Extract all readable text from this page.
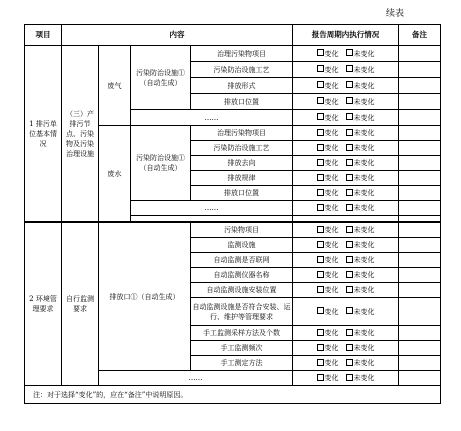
续表
项目	内容					报告周期内执行情况	备注
1 排污单位基本情况	（三）产排污节点、污染物及污染治理设施	废气	污染防治设施①（自动生成）		治理污染物项目	变化 未变化	
					污染防治设施工艺	变化 未变化	
					排放形式	变化 未变化	
					排放口位置	变化 未变化	
			……			变化 未变化	
		废水	污染防治设施①（自动生成）		治理污染物项目	变化 未变化	
					污染防治设施工艺	变化 未变化	
					排放去向	变化 未变化	
					排放规律	变化 未变化	
					排放口位置	变化 未变化	
			……			变化 未变化	

2 环境管理要求	自行监测要求	排放口①（自动生成）			污染物项目	变化 未变化	
					监测设施	变化 未变化	
					自动监测是否联网	变化 未变化	
					自动监测仪器名称	变化 未变化	
					自动监测设施安装位置	变化 未变化	
					自动监测设施是否符合安装、运行、维护等管理要求	变化 未变化	
					手工监测采样方法及个数	变化 未变化	
					手工监测频次	变化 未变化	
					手工测定方法	变化 未变化	
		……				变化 未变化	
注：对于选择“变化”的，应在“备注”中说明原因。							
